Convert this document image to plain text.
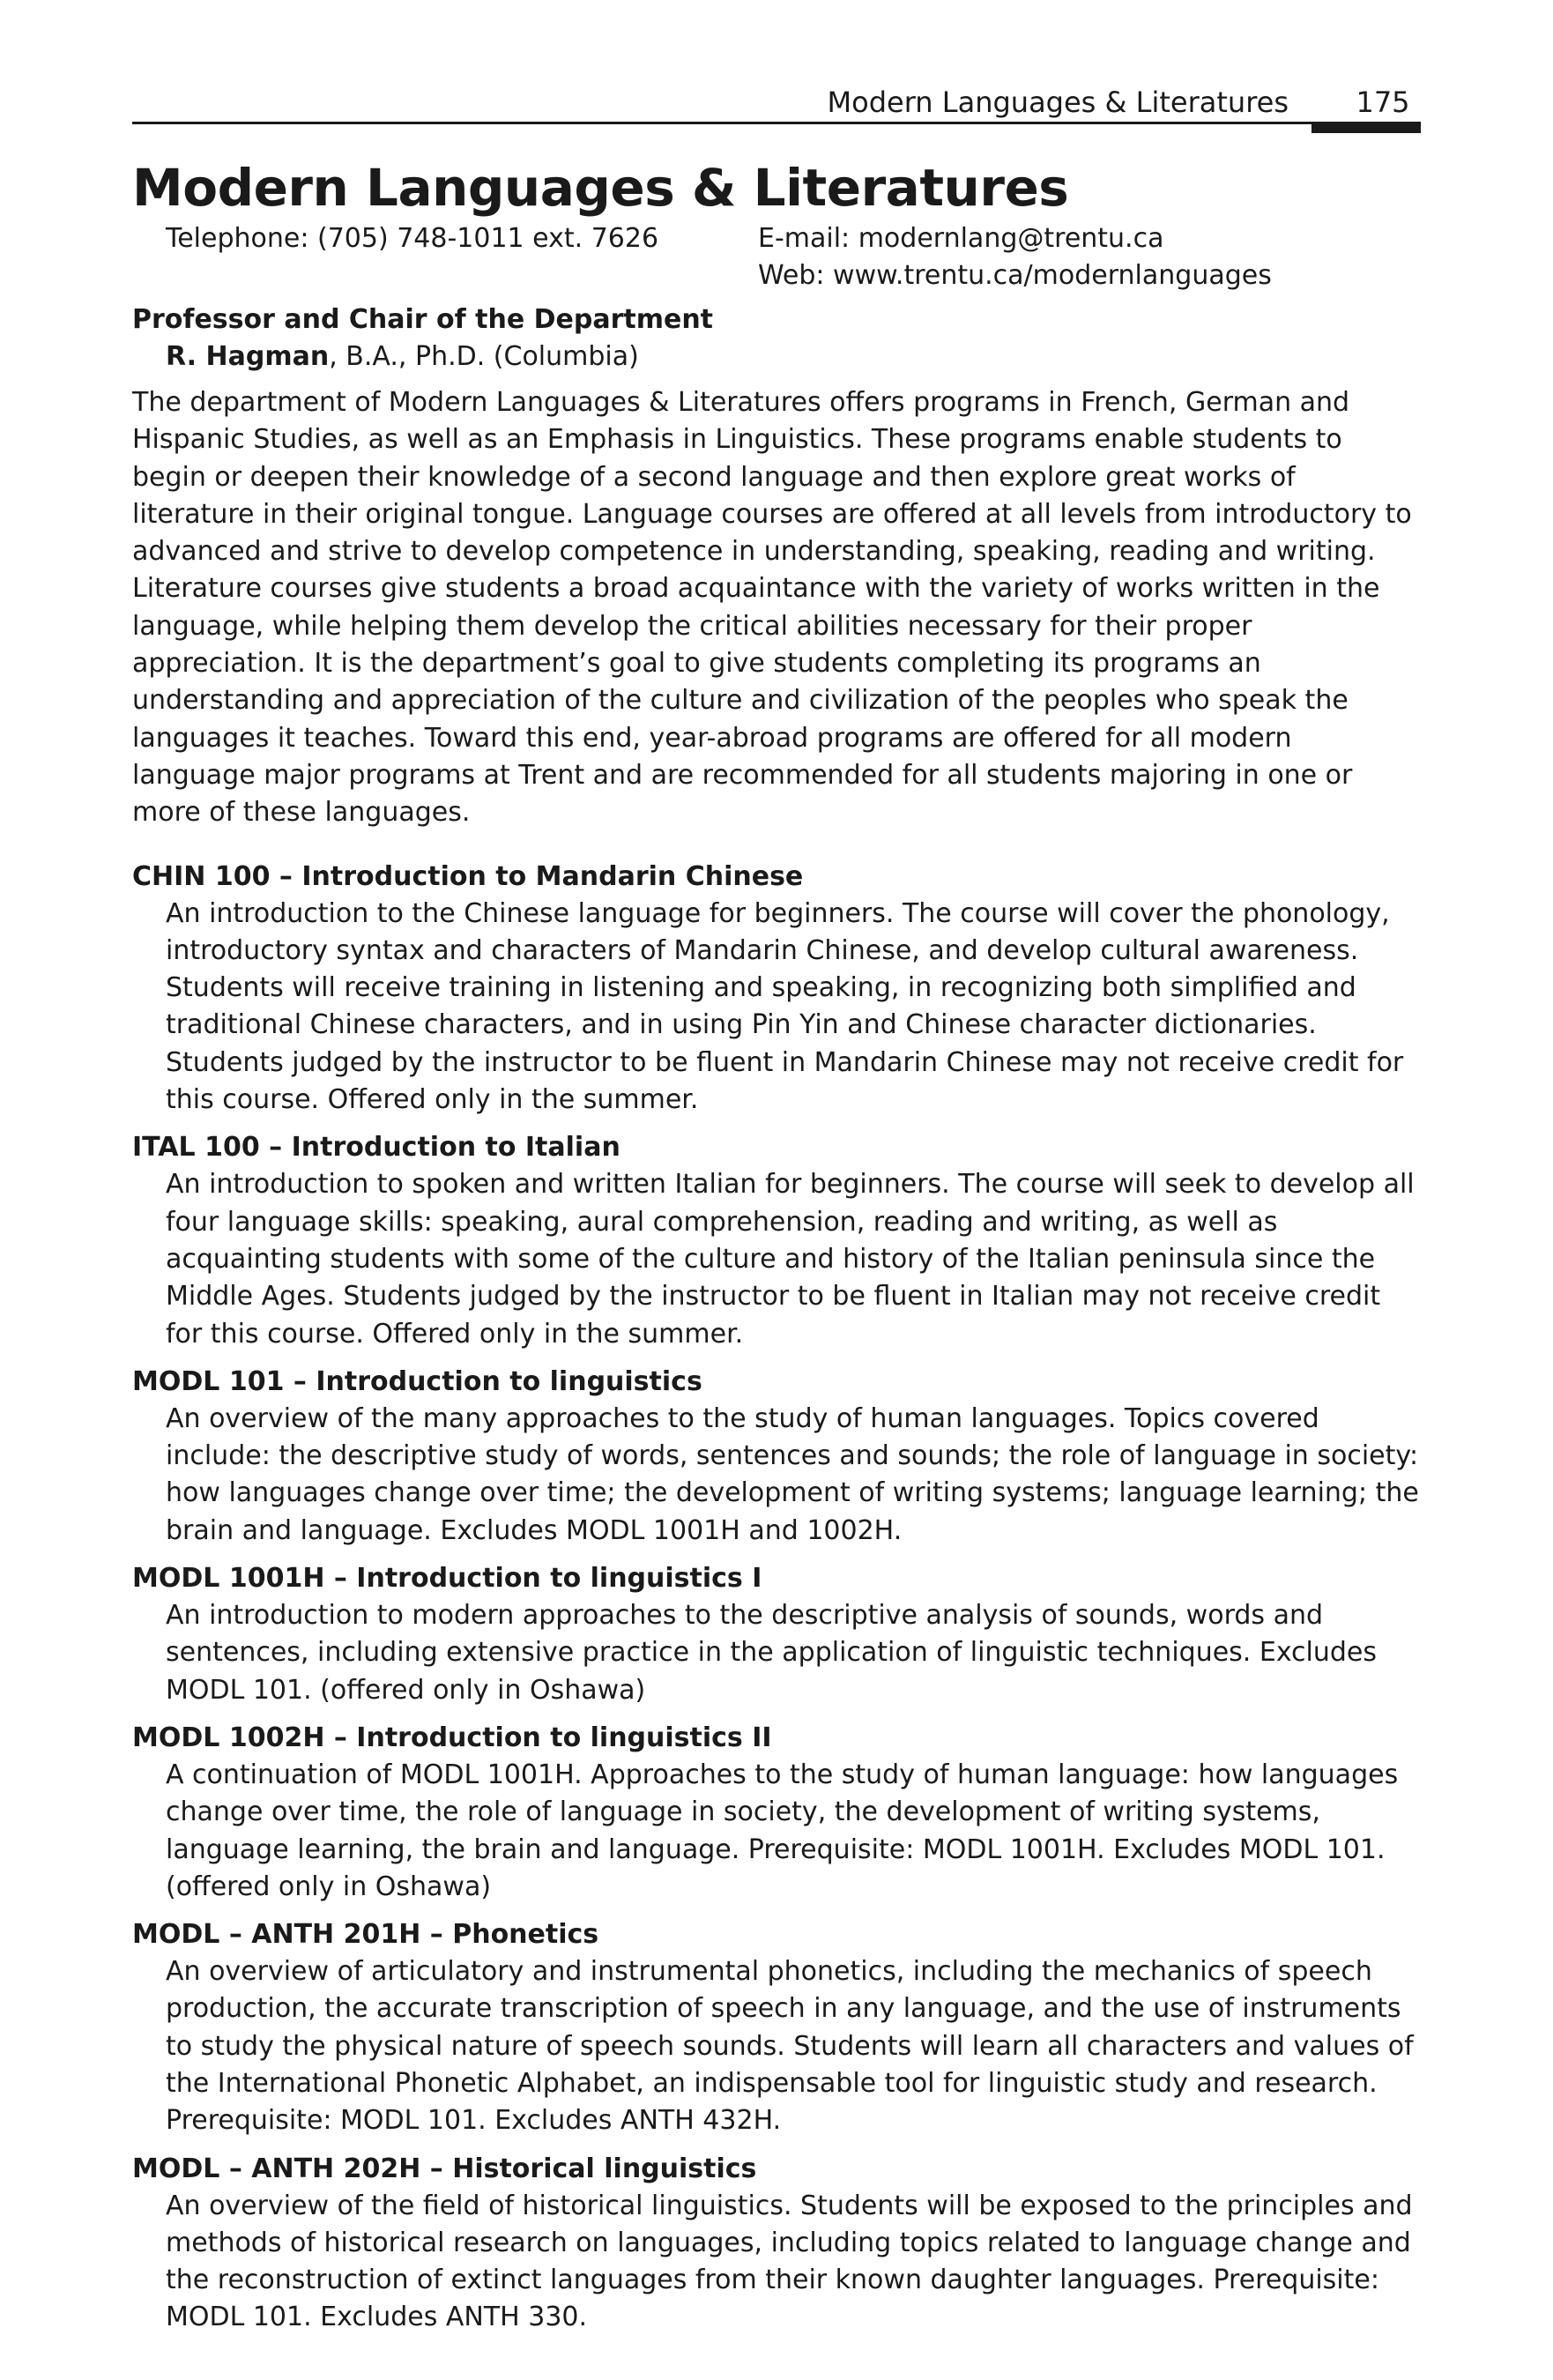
Modern Languages & Literatures 175
Modern Languages & Literatures
Telephone: (705) 748-1011 ext. 7626	E-mail: modernlang@trentu.ca
Web: www.trentu.ca/modernlanguages
Professor and Chair of the Department
R. Hagman, B.A., Ph.D. (Columbia)

The department of Modern Languages & Literatures offers programs in French, German and Hispanic Studies, as well as an Emphasis in Linguistics. These programs enable students to begin or deepen their knowledge of a second language and then explore great works of literature in their original tongue. Language courses are offered at all levels from introductory to advanced and strive to develop competence in understanding, speaking, reading and writing. Literature courses give students a broad acquaintance with the variety of works written in the language, while helping them develop the critical abilities necessary for their proper appreciation. It is the department’s goal to give students completing its programs an understanding and appreciation of the culture and civilization of the peoples who speak the languages it teaches. Toward this end, year-abroad programs are offered for all modern language major programs at Trent and are recommended for all students majoring in one or more of these languages.

CHIN 100 – Introduction to Mandarin Chinese
An introduction to the Chinese language for beginners. The course will cover the phonology, introductory syntax and characters of Mandarin Chinese, and develop cultural awareness. Students will receive training in listening and speaking, in recognizing both simplified and traditional Chinese characters, and in using Pin Yin and Chinese character dictionaries. Students judged by the instructor to be fluent in Mandarin Chinese may not receive credit for this course. Offered only in the summer.
ITAL 100 – Introduction to Italian
An introduction to spoken and written Italian for beginners. The course will seek to develop all four language skills: speaking, aural comprehension, reading and writing, as well as acquainting students with some of the culture and history of the Italian peninsula since the Middle Ages. Students judged by the instructor to be fluent in Italian may not receive credit for this course. Offered only in the summer.
MODL 101 – Introduction to linguistics
An overview of the many approaches to the study of human languages. Topics covered include: the descriptive study of words, sentences and sounds; the role of language in society: how languages change over time; the development of writing systems; language learning; the brain and language. Excludes MODL 1001H and 1002H.
MODL 1001H – Introduction to linguistics I
An introduction to modern approaches to the descriptive analysis of sounds, words and sentences, including extensive practice in the application of linguistic techniques. Excludes MODL 101. (offered only in Oshawa)
MODL 1002H – Introduction to linguistics II
A continuation of MODL 1001H. Approaches to the study of human language: how languages change over time, the role of language in society, the development of writing systems, language learning, the brain and language. Prerequisite: MODL 1001H. Excludes MODL 101. (offered only in Oshawa)
MODL – ANTH 201H – Phonetics
An overview of articulatory and instrumental phonetics, including the mechanics of speech production, the accurate transcription of speech in any language, and the use of instruments to study the physical nature of speech sounds. Students will learn all characters and values of the International Phonetic Alphabet, an indispensable tool for linguistic study and research. Prerequisite: MODL 101. Excludes ANTH 432H.
MODL – ANTH 202H – Historical linguistics
An overview of the field of historical linguistics. Students will be exposed to the principles and methods of historical research on languages, including topics related to language change and the reconstruction of extinct languages from their known daughter languages. Prerequisite: MODL 101. Excludes ANTH 330.
